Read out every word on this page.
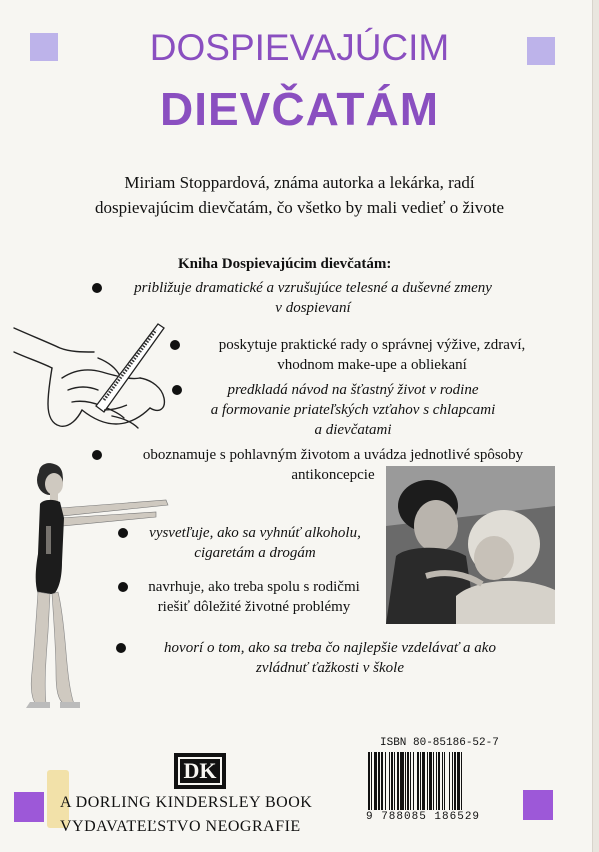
DOSPIEVAJÚCIM
DIEVČATÁM
Miriam Stoppardová, známa autorka a lekárka, radí
dospievajúcim dievčatám, čo všetko by mali vedieť o živote
Kniha Dospievajúcim dievčatám:
približuje dramatické a vzrušujúce telesné a duševné zmeny
v dospievaní
poskytuje praktické rady o správnej výžive, zdraví,
vhodnom make-upe a obliekaní
predkladá návod na šťastný život v rodine
a formovanie priateľských vzťahov s chlapcami
a dievčatami
oboznamuje s pohlavným životom a uvádza jednotlivé spôsoby
antikoncepcie
vysvetľuje, ako sa vyhnúť alkoholu,
cigaretám a drogám
navrhuje, ako treba spolu s rodičmi
riešiť dôležité životné problémy
hovorí o tom, ako sa treba čo najlepšie vzdelávať a ako
zvládnuť ťažkosti v škole
DK
A DORLING KINDERSLEY BOOK
VYDAVATEĽSTVO NEOGRAFIE
ISBN 80-85186-52-7
9 788085 186529
